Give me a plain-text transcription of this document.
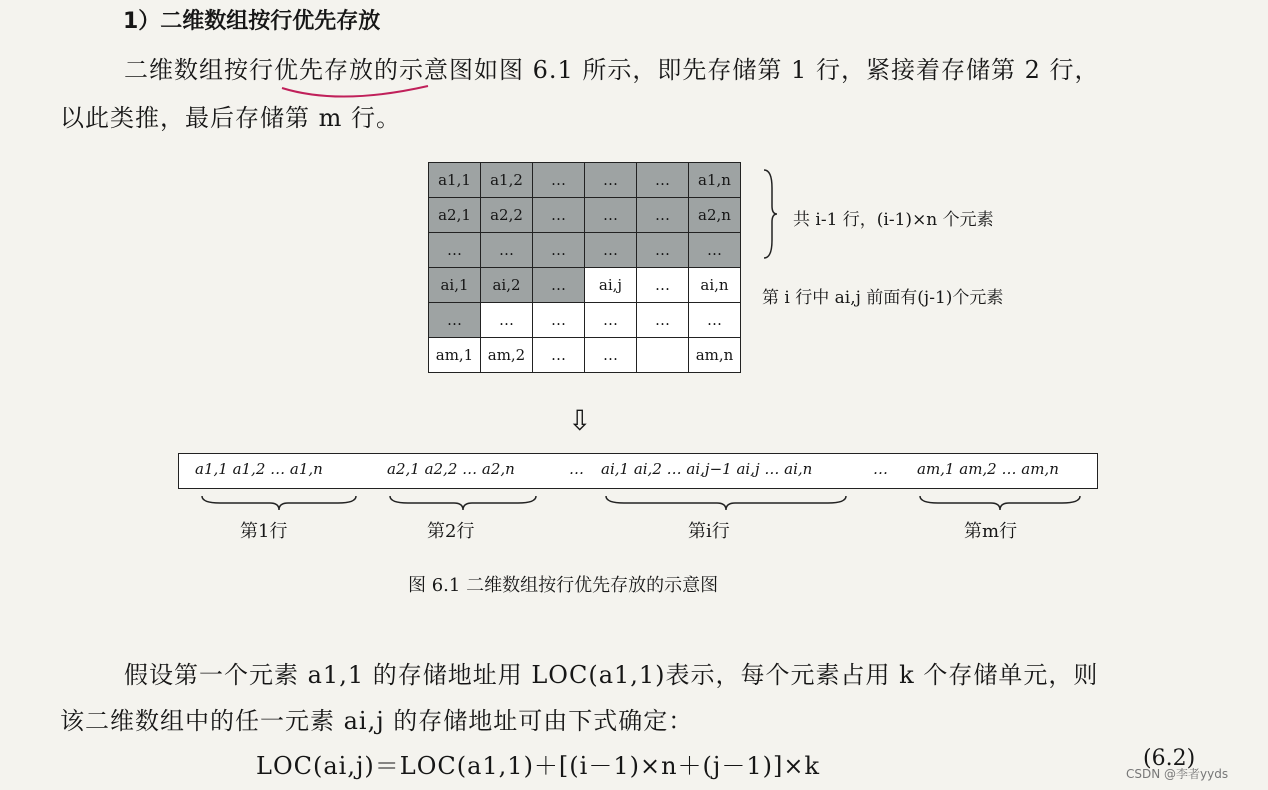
1）二维数组按行优先存放
二维数组按行优先存放的示意图如图 6.1 所示，即先存储第 1 行，紧接着存储第 2 行，
以此类推，最后存储第 m 行。
a1,1	a1,2	…	…	…	a1,n
a2,1	a2,2	…	…	…	a2,n
…	…	…	…	…	…
ai,1	ai,2	…	ai,j	…	ai,n
…	…	…	…	…	…
am,1	am,2	…	…		am,n
共 i-1 行，(i-1)×n 个元素
第 i 行中 ai,j 前面有(j-1)个元素
⇩
a1,1 a1,2 … a1,n	a2,1 a2,2 … a2,n	… ai,1 ai,2 … ai,j−1 ai,j … ai,n	… am,1 am,2 … am,n
第1行	第2行	第i行	第m行
图 6.1 二维数组按行优先存放的示意图
假设第一个元素 a1,1 的存储地址用 LOC(a1,1)表示，每个元素占用 k 个存储单元，则
该二维数组中的任一元素 ai,j 的存储地址可由下式确定：
LOC(ai,j)＝LOC(a1,1)＋[(i－1)×n＋(j－1)]×k	(6.2)
CSDN @李者yyds
